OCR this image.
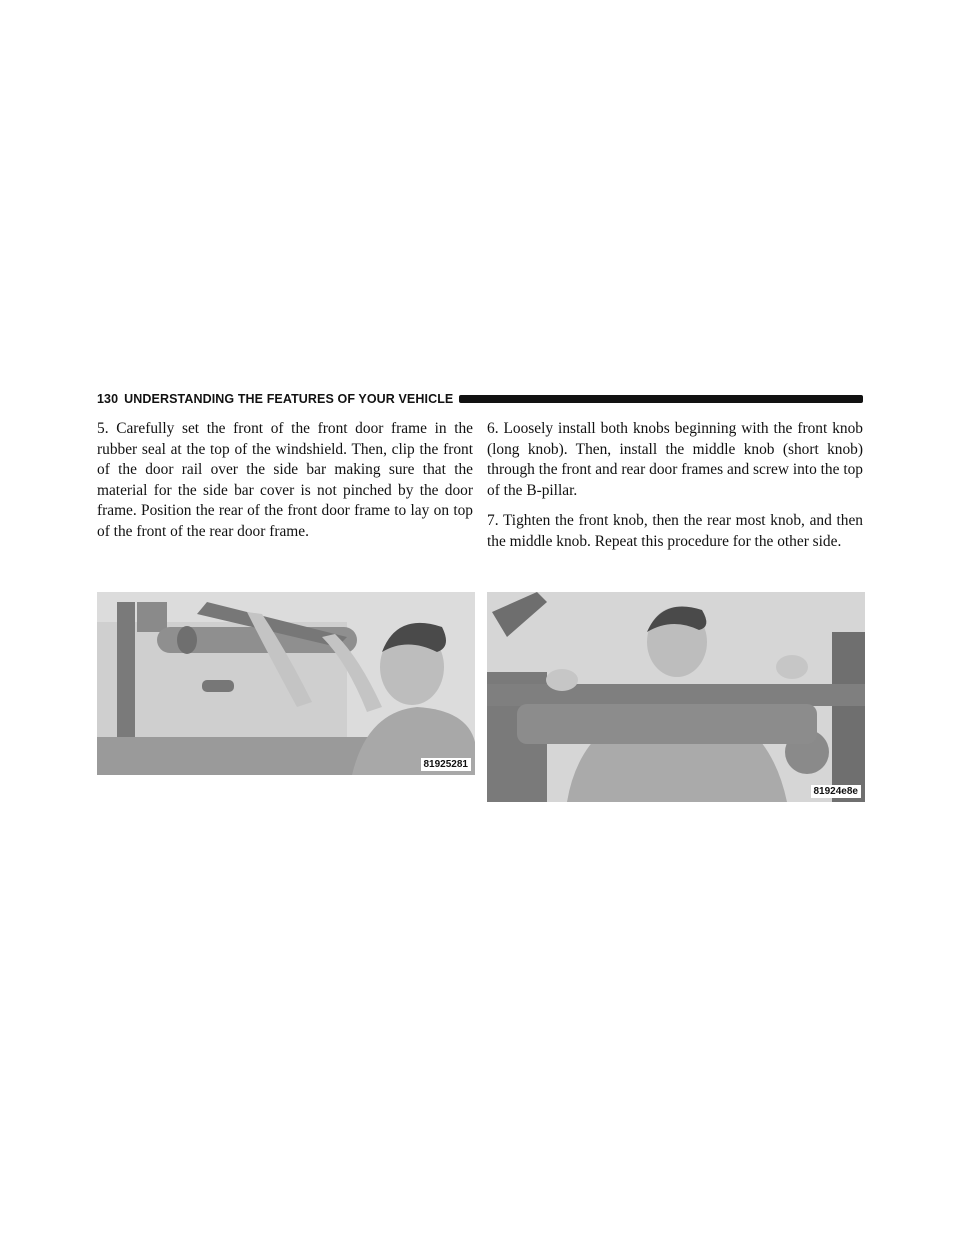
130 UNDERSTANDING THE FEATURES OF YOUR VEHICLE

5. Carefully set the front of the front door frame in the rubber seal at the top of the windshield. Then, clip the front of the door rail over the side bar making sure that the material for the side bar cover is not pinched by the door frame. Position the rear of the front door frame to lay on top of the front of the rear door frame.

6. Loosely install both knobs beginning with the front knob (long knob). Then, install the middle knob (short knob) through the front and rear door frames and screw into the top of the B-pillar.

7. Tighten the front knob, then the rear most knob, and then the middle knob. Repeat this procedure for the other side.

81925281
81924e8e
